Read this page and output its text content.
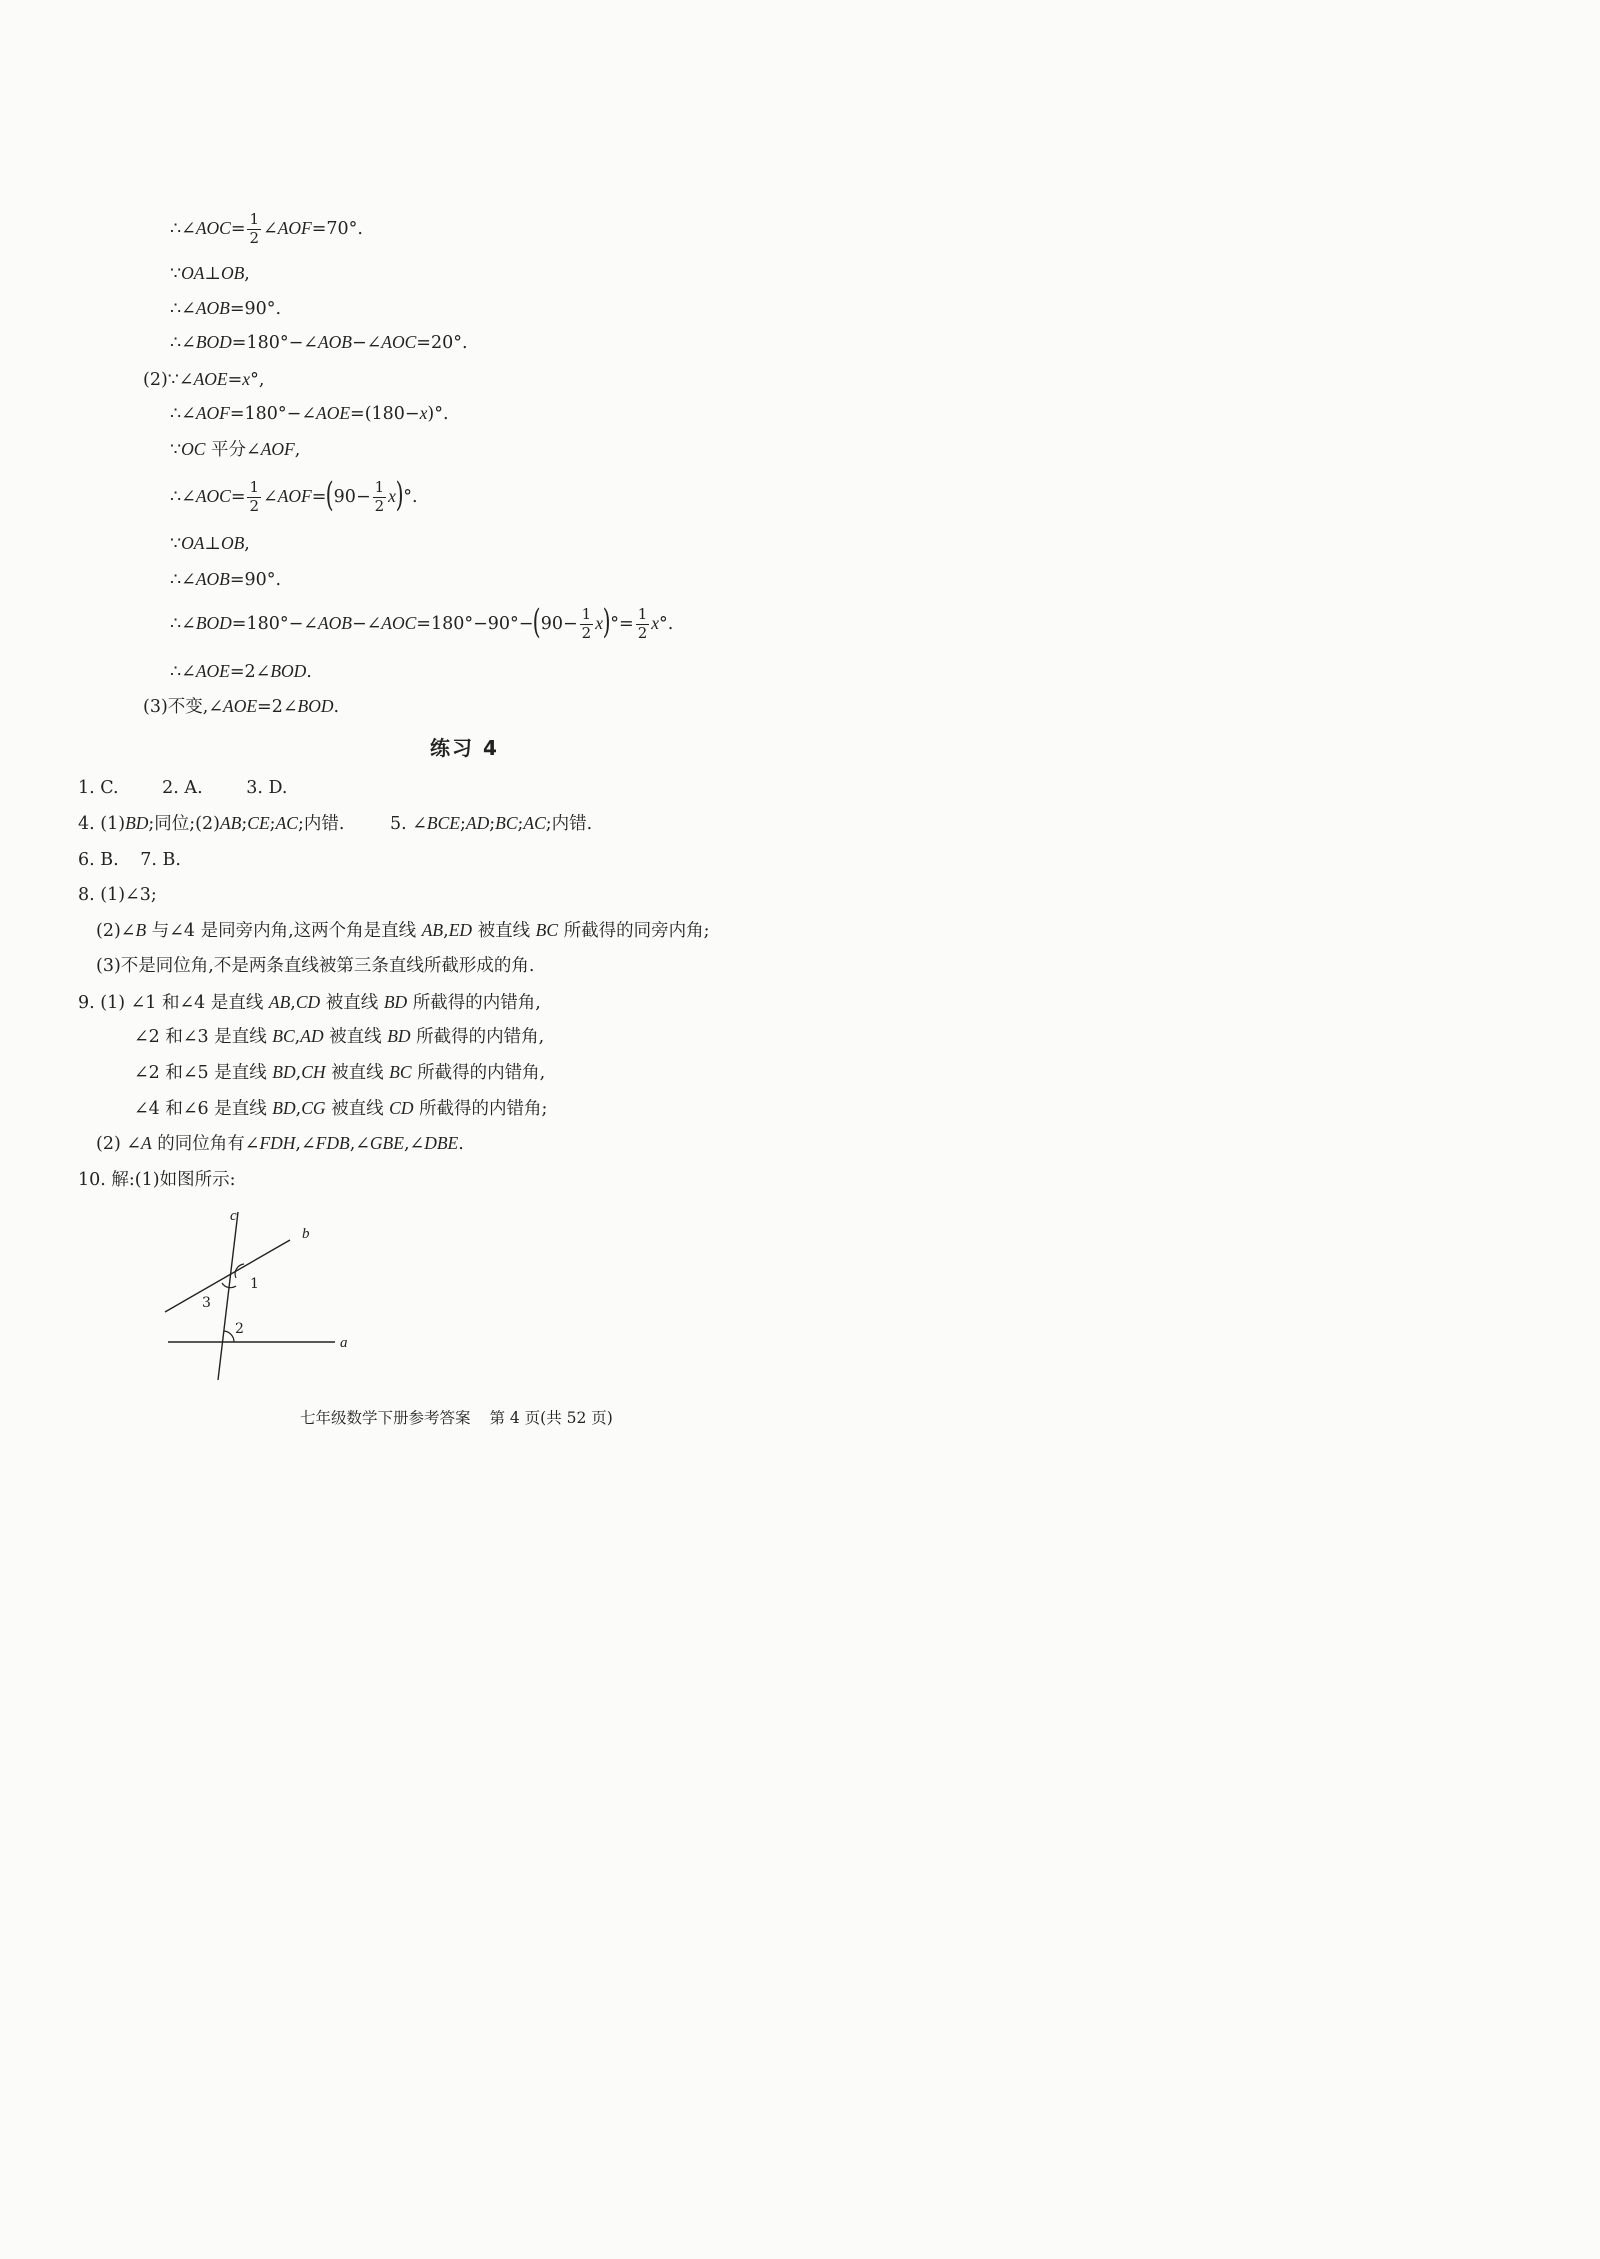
∴∠AOC= $\frac{1}{2}$ ∠AOF=70°.
∵OA⊥OB,
∴∠AOB=90°.
∴∠BOD=180°−∠AOB−∠AOC=20°.
(2)∵∠AOE=x°,
∴∠AOF=180°−∠AOE=(180−x)°.
∵OC 平分∠AOF,
∴∠AOC= $\frac{1}{2}$ ∠AOF=(90− $\frac{1}{2} x)^\circ$.
∵OA⊥OB,
∴∠AOB=90°.
∴∠BOD=180°−∠AOB−∠AOC=180°−90°−(90− $\frac{1}{2} x)^\circ= \frac{1}{2} x^\circ$.
∴∠AOE=2∠BOD.
(3)不变,∠AOE=2∠BOD.
练习 4
1. C. 2. A. 3. D.
4. (1)BD;同位;(2)AB;CE;AC;内错.	5. ∠BCE;AD;BC;AC;内错.
6. B. 7. B.
8. (1)∠3;
(2)∠B 与∠4 是同旁内角,这两个角是直线 AB,ED 被直线 BC 所截得的同旁内角;
(3)不是同位角,不是两条直线被第三条直线所截形成的角.
9. (1) ∠1 和∠4 是直线 AB,CD 被直线 BD 所截得的内错角,
∠2 和∠3 是直线 BC,AD 被直线 BD 所截得的内错角,
∠2 和∠5 是直线 BD,CH 被直线 BC 所截得的内错角,
∠4 和∠6 是直线 BD,CG 被直线 CD 所截得的内错角;
(2) ∠A 的同位角有∠FDH,∠FDB,∠GBE,∠DBE.
10. 解:(1)如图所示:
c
b
a
1
3
2
七年级数学下册参考答案 第 4 页(共 52 页)
